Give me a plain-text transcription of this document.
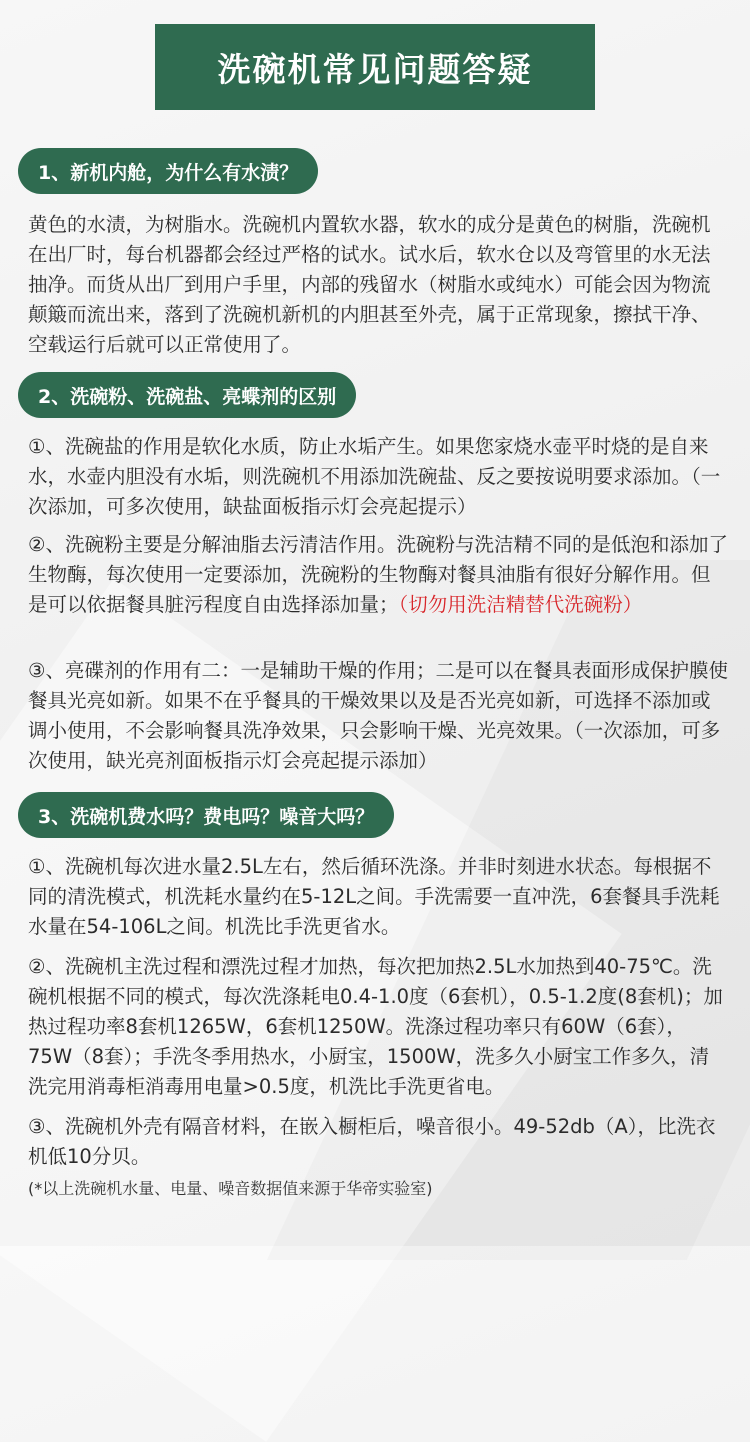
洗碗机常见问题答疑
1、新机内舱，为什么有水渍？
黄色的水渍，为树脂水。洗碗机内置软水器，软水的成分是黄色的树脂，洗碗机在出厂时，每台机器都会经过严格的试水。试水后，软水仓以及弯管里的水无法抽净。而货从出厂到用户手里，内部的残留水（树脂水或纯水）可能会因为物流颠簸而流出来，落到了洗碗机新机的内胆甚至外壳，属于正常现象，擦拭干净、空载运行后就可以正常使用了。
2、洗碗粉、洗碗盐、亮蝶剂的区别
①、洗碗盐的作用是软化水质，防止水垢产生。如果您家烧水壶平时烧的是自来水，水壶内胆没有水垢，则洗碗机不用添加洗碗盐、反之要按说明要求添加。（一次添加，可多次使用，缺盐面板指示灯会亮起提示）
②、洗碗粉主要是分解油脂去污清洁作用。洗碗粉与洗洁精不同的是低泡和添加了生物酶，每次使用一定要添加，洗碗粉的生物酶对餐具油脂有很好分解作用。但是可以依据餐具脏污程度自由选择添加量；（切勿用洗洁精替代洗碗粉）
③、亮碟剂的作用有二：一是辅助干燥的作用；二是可以在餐具表面形成保护膜使餐具光亮如新。如果不在乎餐具的干燥效果以及是否光亮如新，可选择不添加或调小使用，不会影响餐具洗净效果，只会影响干燥、光亮效果。（一次添加，可多次使用，缺光亮剂面板指示灯会亮起提示添加）
3、洗碗机费水吗？费电吗？噪音大吗？
①、洗碗机每次进水量2.5L左右，然后循环洗涤。并非时刻进水状态。每根据不同的清洗模式，机洗耗水量约在5-12L之间。手洗需要一直冲洗，6套餐具手洗耗水量在54-106L之间。机洗比手洗更省水。
②、洗碗机主洗过程和漂洗过程才加热，每次把加热2.5L水加热到40-75℃。洗碗机根据不同的模式，每次洗涤耗电0.4-1.0度（6套机），0.5-1.2度(8套机)；加热过程功率8套机1265W，6套机1250W。洗涤过程功率只有60W（6套），75W（8套）；手洗冬季用热水，小厨宝，1500W，洗多久小厨宝工作多久，清洗完用消毒柜消毒用电量>0.5度，机洗比手洗更省电。
③、洗碗机外壳有隔音材料，在嵌入橱柜后，噪音很小。49-52db（A），比洗衣机低10分贝。
(*以上洗碗机水量、电量、噪音数据值来源于华帝实验室)
